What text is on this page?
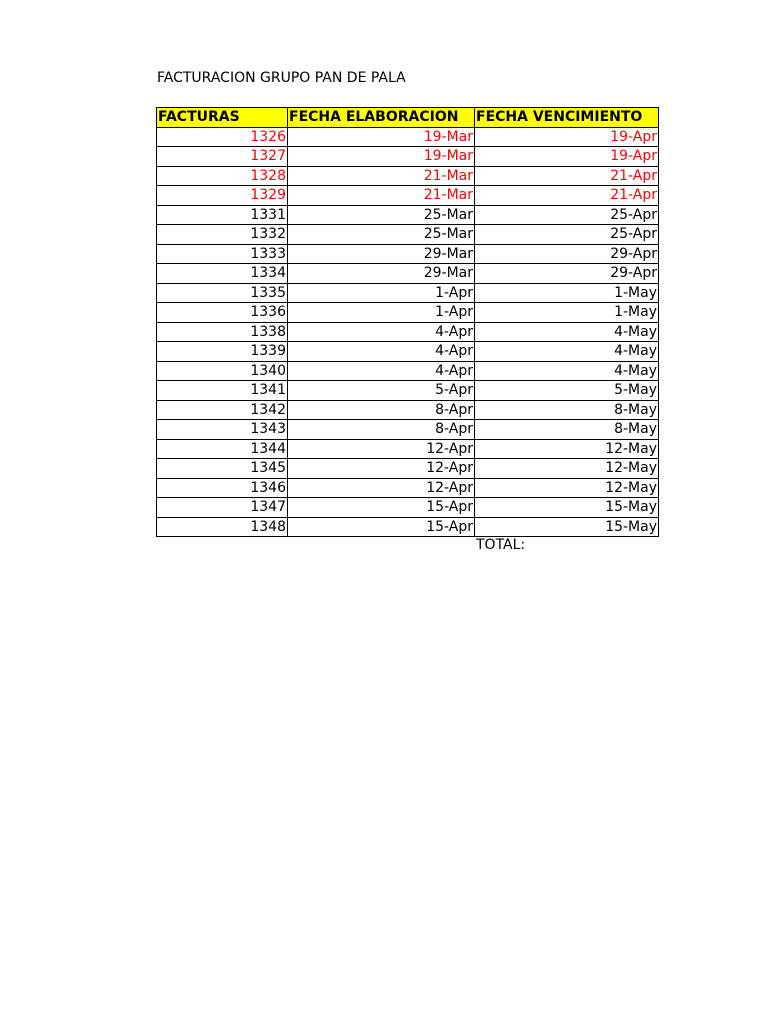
FACTURACION GRUPO PAN DE PALA
FACTURAS	FECHA ELABORACION	FECHA VENCIMIENTO
1326	19-Mar	19-Apr
1327	19-Mar	19-Apr
1328	21-Mar	21-Apr
1329	21-Mar	21-Apr
1331	25-Mar	25-Apr
1332	25-Mar	25-Apr
1333	29-Mar	29-Apr
1334	29-Mar	29-Apr
1335	1-Apr	1-May
1336	1-Apr	1-May
1338	4-Apr	4-May
1339	4-Apr	4-May
1340	4-Apr	4-May
1341	5-Apr	5-May
1342	8-Apr	8-May
1343	8-Apr	8-May
1344	12-Apr	12-May
1345	12-Apr	12-May
1346	12-Apr	12-May
1347	15-Apr	15-May
1348	15-Apr	15-May
TOTAL:
